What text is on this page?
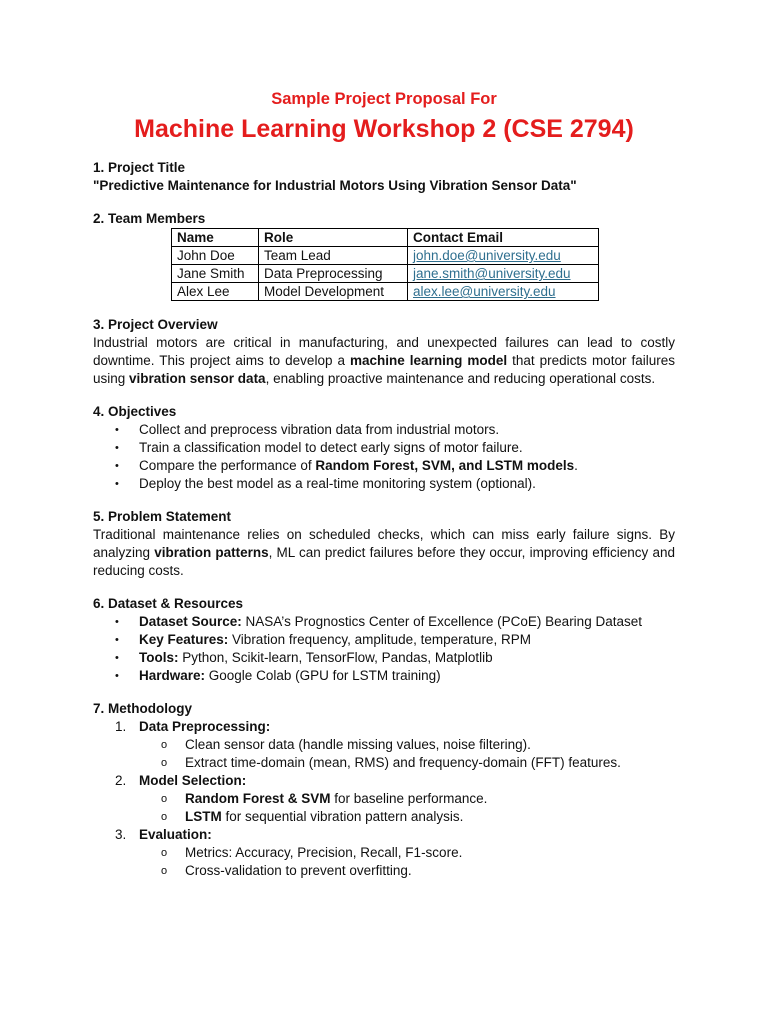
Sample Project Proposal For
Machine Learning Workshop 2 (CSE 2794)
1. Project Title

"Predictive Maintenance for Industrial Motors Using Vibration Sensor Data"

2. Team Members
Name	Role	Contact Email
John Doe	Team Lead	john.doe@university.edu
Jane Smith	Data Preprocessing	jane.smith@university.edu
Alex Lee	Model Development	alex.lee@university.edu
3. Project Overview

Industrial motors are critical in manufacturing, and unexpected failures can lead to costly downtime. This project aims to develop a machine learning model that predicts motor failures using vibration sensor data, enabling proactive maintenance and reducing operational costs.

4. Objectives
• Collect and preprocess vibration data from industrial motors.
• Train a classification model to detect early signs of motor failure.
• Compare the performance of Random Forest, SVM, and LSTM models.
• Deploy the best model as a real-time monitoring system (optional).
5. Problem Statement

Traditional maintenance relies on scheduled checks, which can miss early failure signs. By analyzing vibration patterns, ML can predict failures before they occur, improving efficiency and reducing costs.

6. Dataset & Resources
• Dataset Source: NASA’s Prognostics Center of Excellence (PCoE) Bearing Dataset
• Key Features: Vibration frequency, amplitude, temperature, RPM
• Tools: Python, Scikit-learn, TensorFlow, Pandas, Matplotlib
• Hardware: Google Colab (GPU for LSTM training)
7. Methodology
1. Data Preprocessing:
o Clean sensor data (handle missing values, noise filtering).
o Extract time-domain (mean, RMS) and frequency-domain (FFT) features.
2. Model Selection:
o Random Forest & SVM for baseline performance.
o LSTM for sequential vibration pattern analysis.
3. Evaluation:
o Metrics: Accuracy, Precision, Recall, F1-score.
o Cross-validation to prevent overfitting.
